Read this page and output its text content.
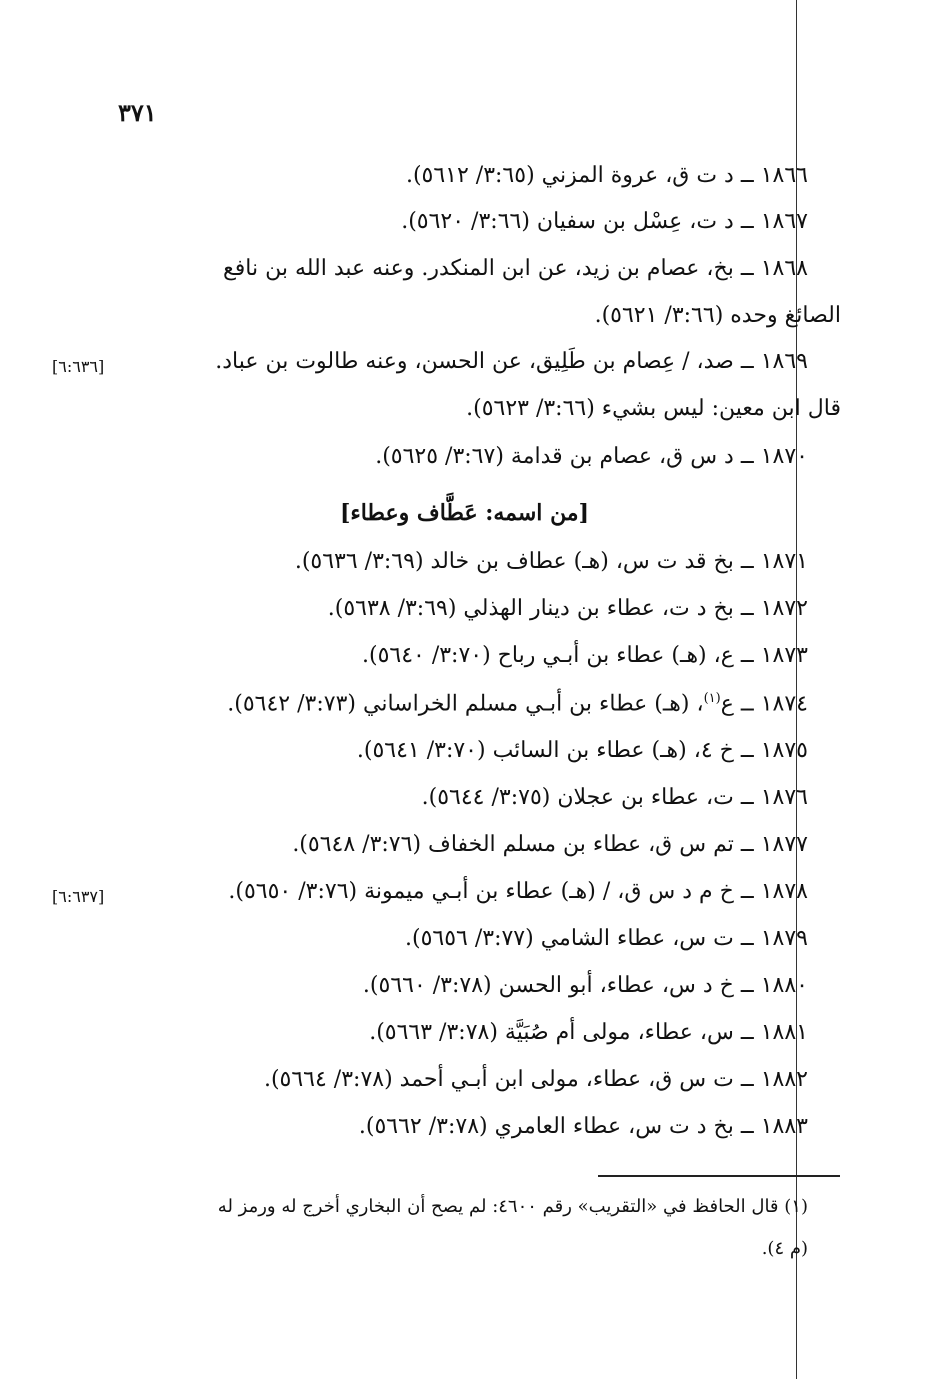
٣٧١
١٨٦٦ ــ د ت ق، عروة المزني (٣:٦٥/ ٥٦١٢).
١٨٦٧ ــ د ت، عِسْل بن سفيان (٣:٦٦/ ٥٦٢٠).
١٨٦٨ ــ بخ، عصام بن زيد، عن ابن المنكدر. وعنه عبد الله بن نافع
الصائغ وحده (٣:٦٦/ ٥٦٢١).
١٨٦٩ ــ صد، / عِصام بن طَلِيق، عن الحسن، وعنه طالوت بن عباد.
[٦:٦٣٦]
قال ابن معين: ليس بشيء (٣:٦٦/ ٥٦٢٣).
١٨٧٠ ــ د س ق، عصام بن قدامة (٣:٦٧/ ٥٦٢٥).
[من اسمه: عَطَّاف وعطاء]
١٨٧١ ــ بخ قد ت س، (هـ) عطاف بن خالد (٣:٦٩/ ٥٦٣٦).
١٨٧٢ ــ بخ د ت، عطاء بن دينار الهذلي (٣:٦٩/ ٥٦٣٨).
١٨٧٣ ــ ع، (هـ) عطاء بن أبـي رباح (٣:٧٠/ ٥٦٤٠).
١٨٧٤ ــ ع$^{(١)}$، (هـ) عطاء بن أبـي مسلم الخراساني (٣:٧٣/ ٥٦٤٢).
١٨٧٥ ــ خ ٤، (هـ) عطاء بن السائب (٣:٧٠/ ٥٦٤١).
١٨٧٦ ــ ت، عطاء بن عجلان (٣:٧٥/ ٥٦٤٤).
١٨٧٧ ــ تم س ق، عطاء بن مسلم الخفاف (٣:٧٦/ ٥٦٤٨).
١٨٧٨ ــ خ م د س ق، / (هـ) عطاء بن أبـي ميمونة (٣:٧٦/ ٥٦٥٠).
[٦:٦٣٧]
١٨٧٩ ــ ت س، عطاء الشامي (٣:٧٧/ ٥٦٥٦).
١٨٨٠ ــ خ د س، عطاء، أبو الحسن (٣:٧٨/ ٥٦٦٠).
١٨٨١ ــ س، عطاء، مولى أم صُبَيَّة (٣:٧٨/ ٥٦٦٣).
١٨٨٢ ــ ت س ق، عطاء، مولى ابن أبـي أحمد (٣:٧٨/ ٥٦٦٤).
١٨٨٣ ــ بخ د ت س، عطاء العامري (٣:٧٨/ ٥٦٦٢).
(١) قال الحافظ في «التقريب» رقم ٤٦٠٠: لم يصح أن البخاري أخرج له ورمز له
(م ٤).
